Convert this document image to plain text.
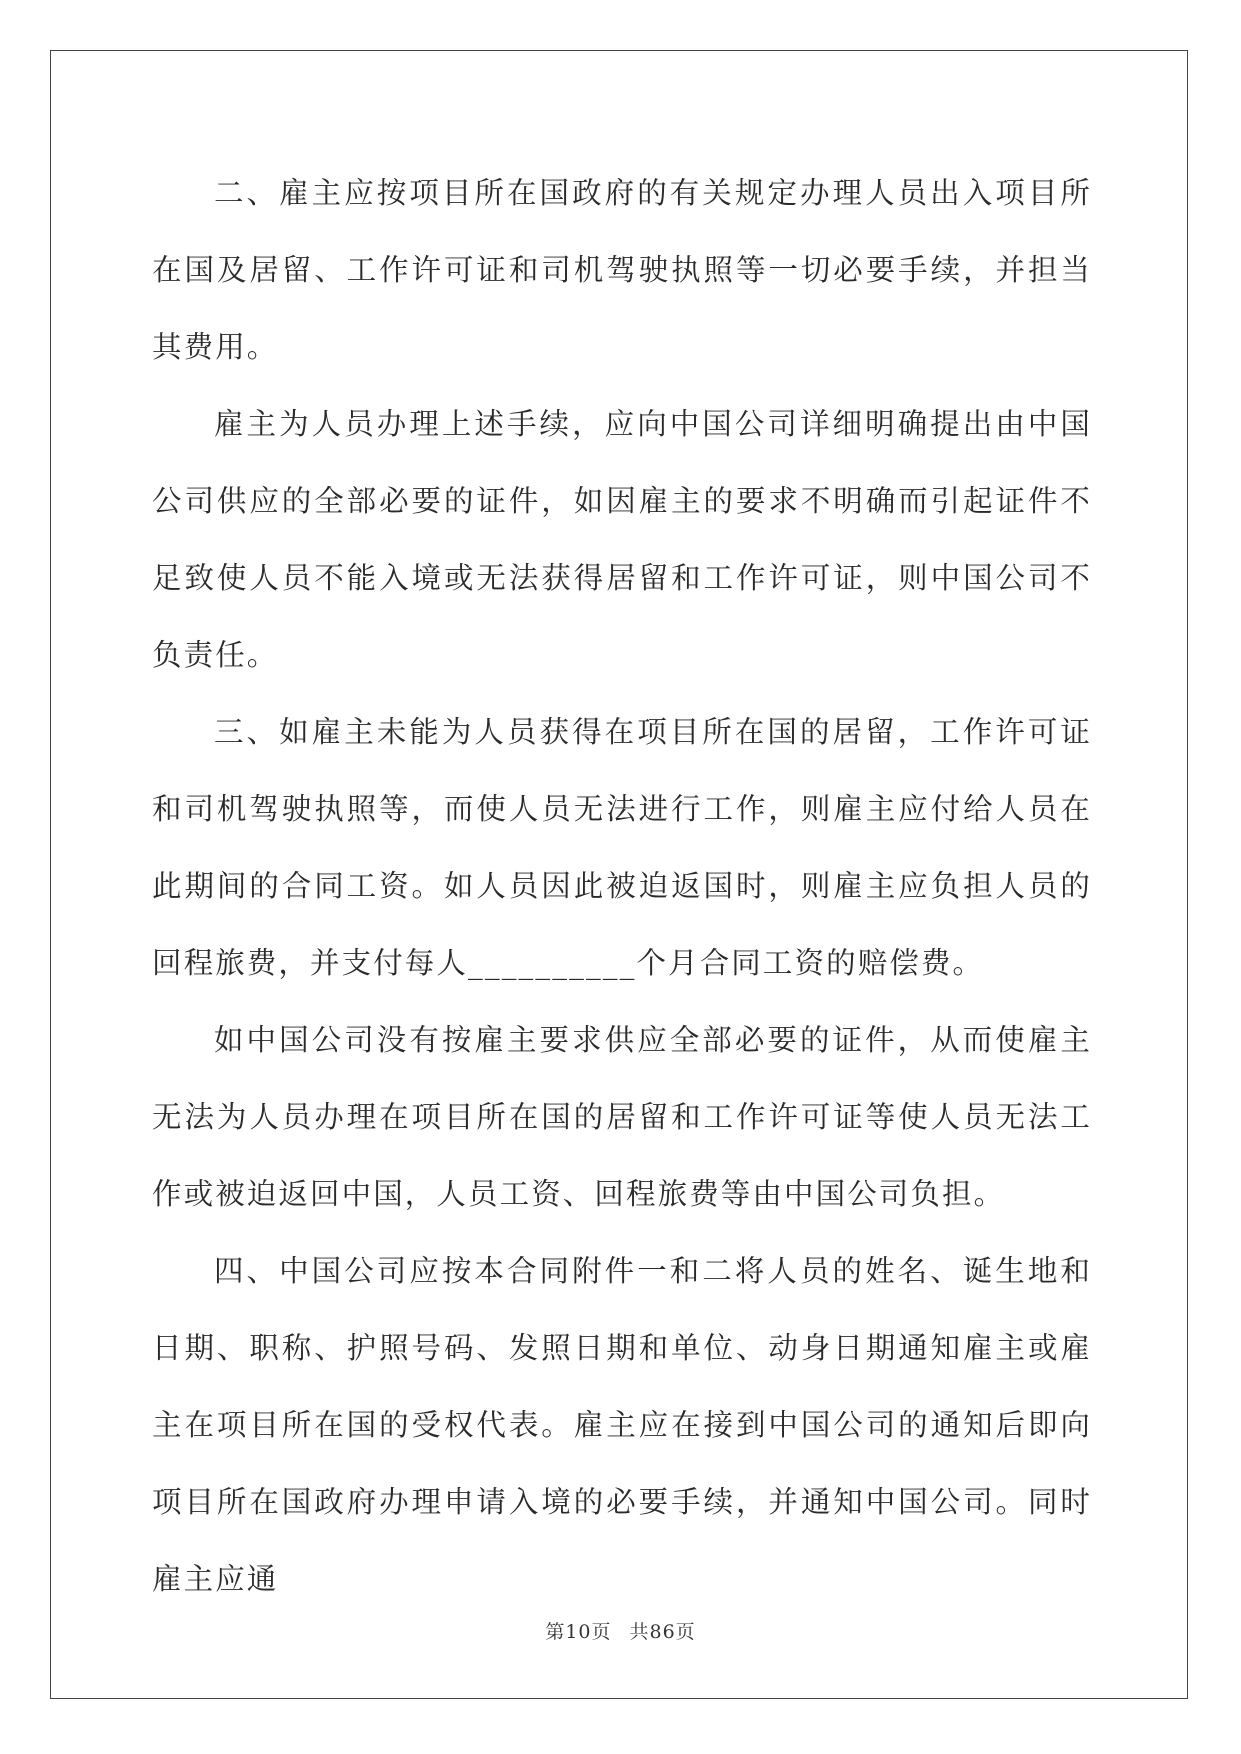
二、雇主应按项目所在国政府的有关规定办理人员出入项目所在国及居留、工作许可证和司机驾驶执照等一切必要手续，并担当其费用。

雇主为人员办理上述手续，应向中国公司详细明确提出由中国公司供应的全部必要的证件，如因雇主的要求不明确而引起证件不足致使人员不能入境或无法获得居留和工作许可证，则中国公司不负责任。

三、如雇主未能为人员获得在项目所在国的居留，工作许可证和司机驾驶执照等，而使人员无法进行工作，则雇主应付给人员在此期间的合同工资。如人员因此被迫返国时，则雇主应负担人员的回程旅费，并支付每人__________个月合同工资的赔偿费。

如中国公司没有按雇主要求供应全部必要的证件，从而使雇主无法为人员办理在项目所在国的居留和工作许可证等使人员无法工作或被迫返回中国，人员工资、回程旅费等由中国公司负担。

四、中国公司应按本合同附件一和二将人员的姓名、诞生地和日期、职称、护照号码、发照日期和单位、动身日期通知雇主或雇主在项目所在国的受权代表。雇主应在接到中国公司的通知后即向项目所在国政府办理申请入境的必要手续，并通知中国公司。同时雇主应通

第10页 共86页
